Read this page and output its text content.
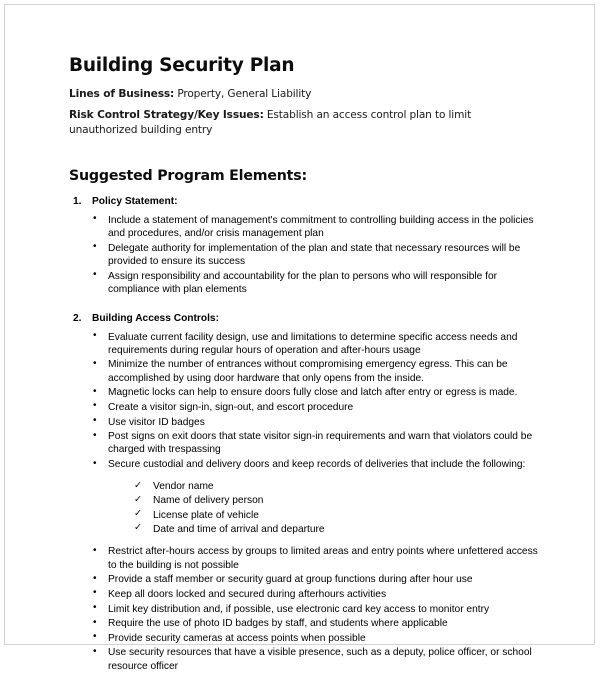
Building Security Plan

Lines of Business: Property, General Liability

Risk Control Strategy/Key Issues: Establish an access control plan to limit unauthorized building entry

Suggested Program Elements:
1. Policy Statement:
• Include a statement of management's commitment to controlling building access in the policies and procedures, and/or crisis management plan
• Delegate authority for implementation of the plan and state that necessary resources will be provided to ensure its success
• Assign responsibility and accountability for the plan to persons who will responsible for compliance with plan elements
2. Building Access Controls:
• Evaluate current facility design, use and limitations to determine specific access needs and requirements during regular hours of operation and after-hours usage
• Minimize the number of entrances without compromising emergency egress. This can be accomplished by using door hardware that only opens from the inside.
• Magnetic locks can help to ensure doors fully close and latch after entry or egress is made.
• Create a visitor sign-in, sign-out, and escort procedure
• Use visitor ID badges
• Post signs on exit doors that state visitor sign-in requirements and warn that violators could be charged with trespassing
• Secure custodial and delivery doors and keep records of deliveries that include the following:
✓ Vendor name
✓ Name of delivery person
✓ License plate of vehicle
✓ Date and time of arrival and departure
• Restrict after-hours access by groups to limited areas and entry points where unfettered access to the building is not possible
• Provide a staff member or security guard at group functions during after hour use
• Keep all doors locked and secured during afterhours activities
• Limit key distribution and, if possible, use electronic card key access to monitor entry
• Require the use of photo ID badges by staff, and students where applicable
• Provide security cameras at access points when possible
• Use security resources that have a visible presence, such as a deputy, police officer, or school resource officer
